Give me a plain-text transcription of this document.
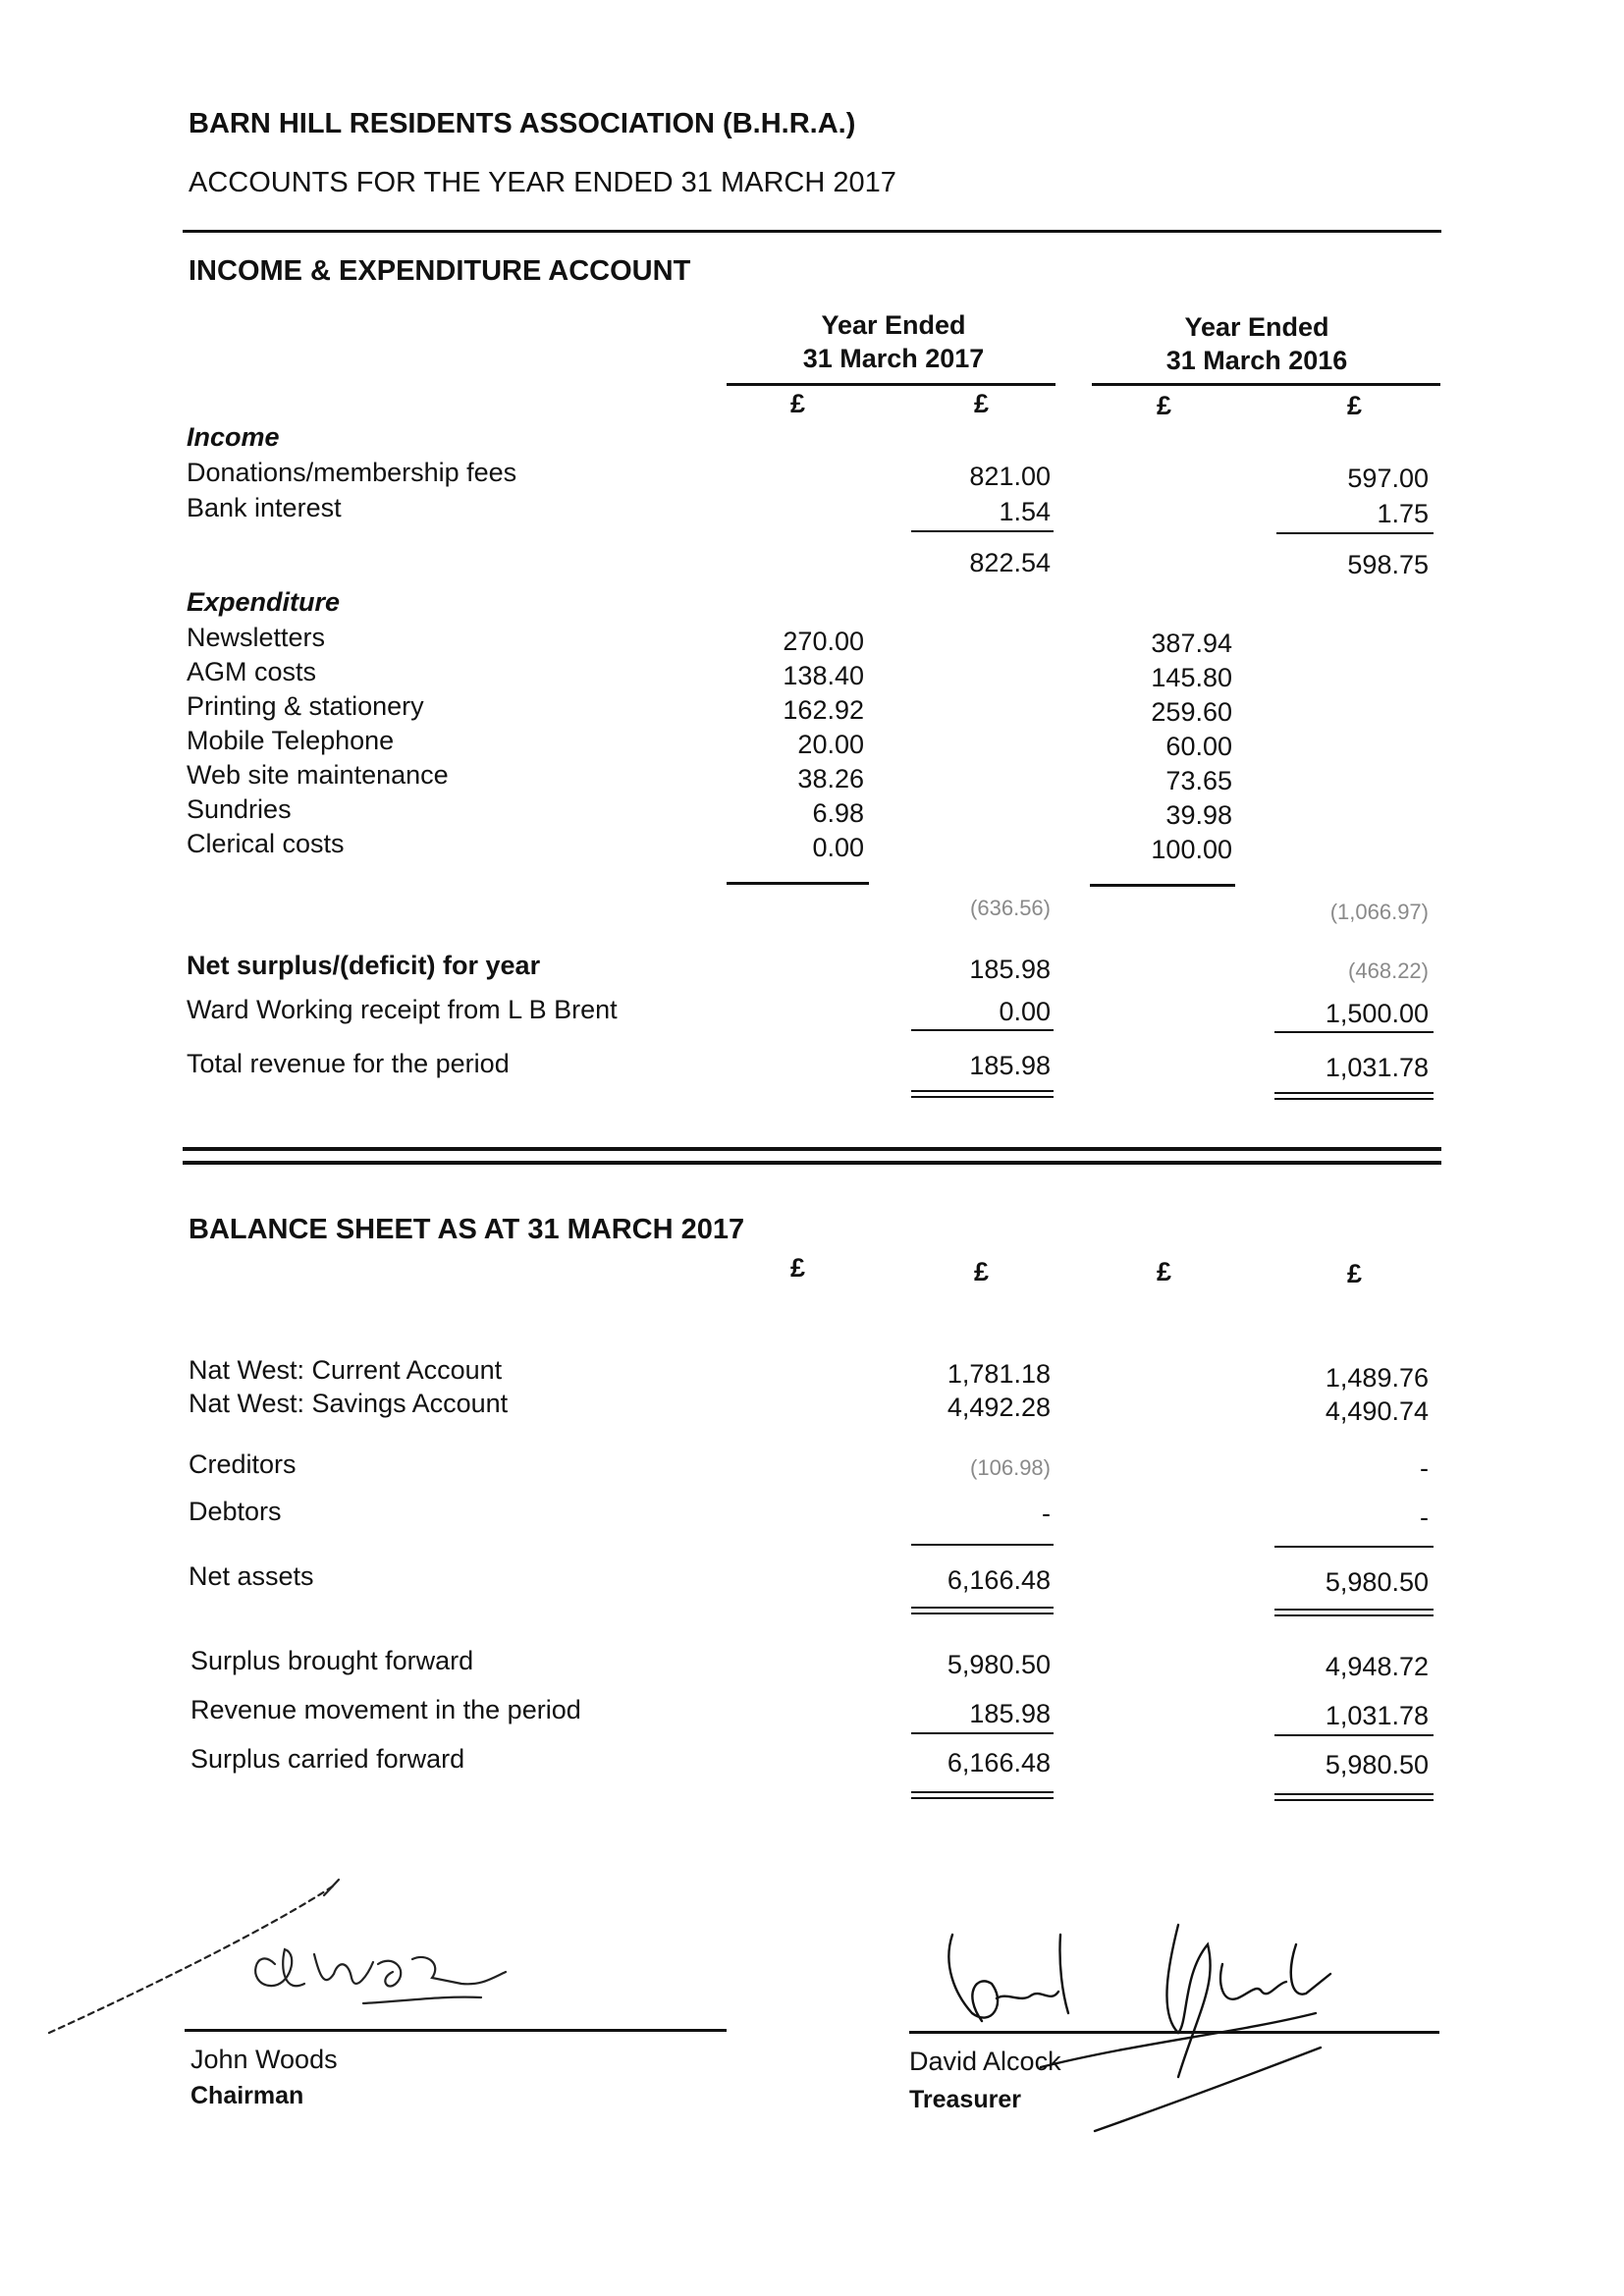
BARN HILL RESIDENTS ASSOCIATION (B.H.R.A.)
ACCOUNTS FOR THE YEAR ENDED 31 MARCH 2017
INCOME & EXPENDITURE ACCOUNT
Year Ended
31 March 2017
Year Ended
31 March 2016
£	£	£	£
Income
Donations/membership fees	821.00	597.00
Bank interest	1.54	1.75
822.54	598.75
Expenditure
Newsletters	270.00	387.94
AGM costs	138.40	145.80
Printing & stationery	162.92	259.60
Mobile Telephone	20.00	60.00
Web site maintenance	38.26	73.65
Sundries	6.98	39.98
Clerical costs	0.00	100.00
(636.56)	(1,066.97)
Net surplus/(deficit) for year	185.98	(468.22)
Ward Working receipt from L B Brent	0.00	1,500.00
Total revenue for the period	185.98	1,031.78
BALANCE SHEET AS AT 31 MARCH 2017
£	£	£	£
Nat West: Current Account	1,781.18	1,489.76
Nat West: Savings Account	4,492.28	4,490.74
Creditors	(106.98)	-
Debtors	-	-
Net assets	6,166.48	5,980.50
Surplus brought forward	5,980.50	4,948.72
Revenue movement in the period	185.98	1,031.78
Surplus carried forward	6,166.48	5,980.50
John Woods
Chairman
David Alcock
Treasurer
